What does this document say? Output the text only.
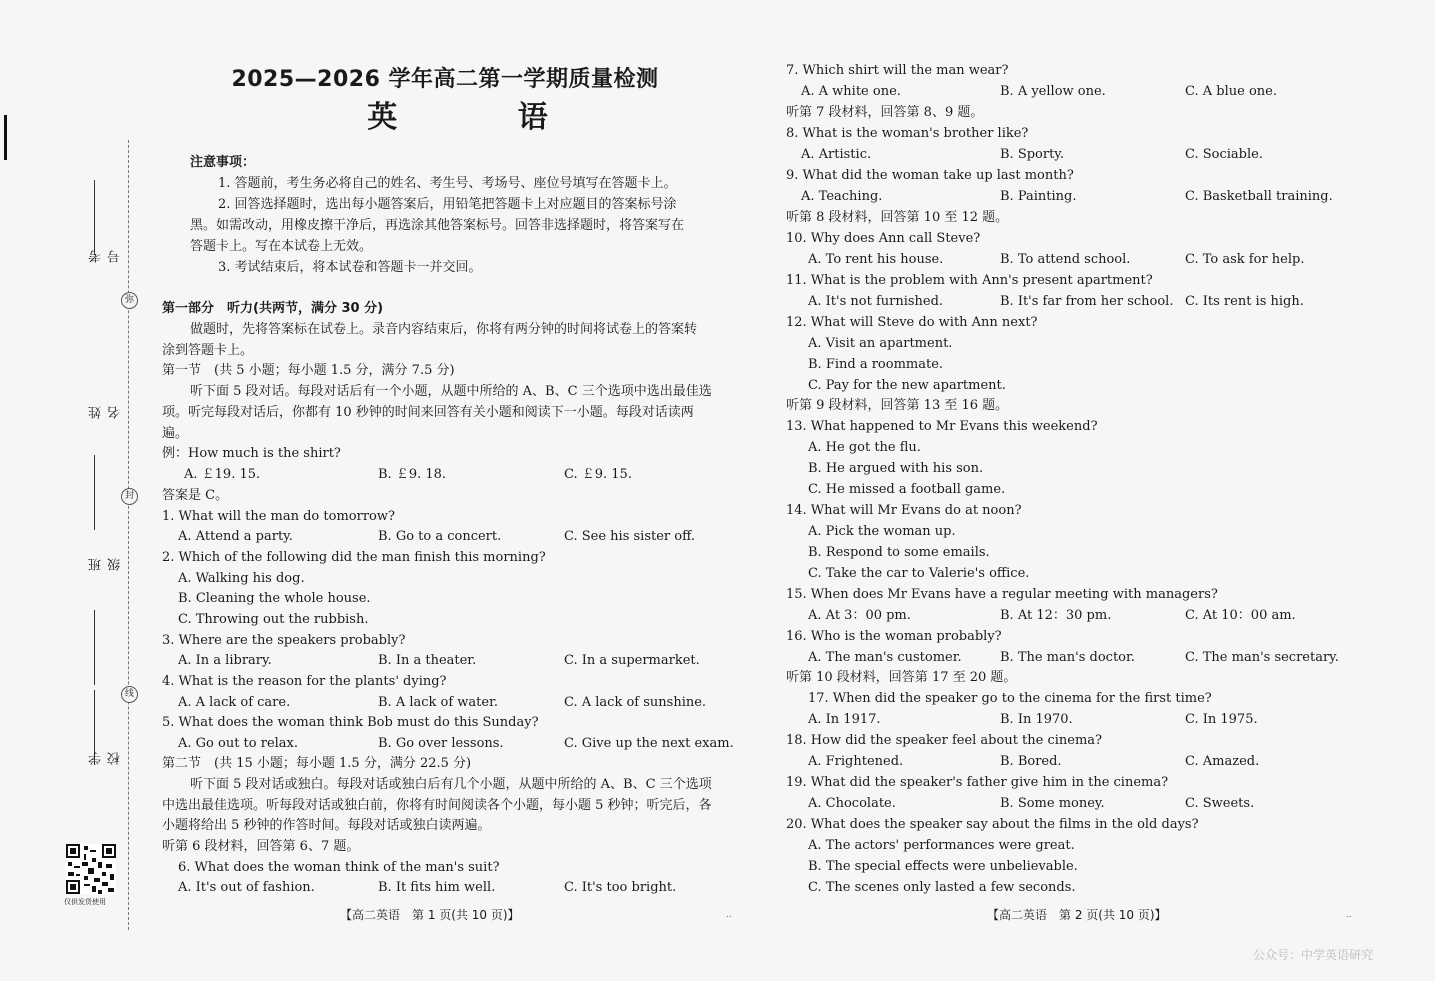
弥
封
线
考号
姓名
班级
学校
仅供发货使用
2025—2026 学年高二第一学期质量检测
英 语
注意事项：
1. 答题前，考生务必将自己的姓名、考生号、考场号、座位号填写在答题卡上。
2. 回答选择题时，选出每小题答案后，用铅笔把答题卡上对应题目的答案标号涂
黑。如需改动，用橡皮擦干净后，再选涂其他答案标号。回答非选择题时，将答案写在
答题卡上。写在本试卷上无效。
3. 考试结束后，将本试卷和答题卡一并交回。
第一部分　听力(共两节，满分 30 分)
做题时，先将答案标在试卷上。录音内容结束后，你将有两分钟的时间将试卷上的答案转
涂到答题卡上。
第一节　(共 5 小题；每小题 1.5 分，满分 7.5 分)
听下面 5 段对话。每段对话后有一个小题，从题中所给的 A、B、C 三个选项中选出最佳选
项。听完每段对话后，你都有 10 秒钟的时间来回答有关小题和阅读下一小题。每段对话读两
遍。
例：How much is the shirt?
A. ￡19. 15.	B. ￡9. 18.	C. ￡9. 15.
答案是 C。
1. What will the man do tomorrow?
A. Attend a party.	B. Go to a concert.	C. See his sister off.
2. Which of the following did the man finish this morning?
A. Walking his dog.
B. Cleaning the whole house.
C. Throwing out the rubbish.
3. Where are the speakers probably?
A. In a library.	B. In a theater.	C. In a supermarket.
4. What is the reason for the plants' dying?
A. A lack of care.	B. A lack of water.	C. A lack of sunshine.
5. What does the woman think Bob must do this Sunday?
A. Go out to relax.	B. Go over lessons.	C. Give up the next exam.
第二节　(共 15 小题；每小题 1.5 分，满分 22.5 分)
听下面 5 段对话或独白。每段对话或独白后有几个小题，从题中所给的 A、B、C 三个选项
中选出最佳选项。听每段对话或独白前，你将有时间阅读各个小题，每小题 5 秒钟；听完后，各
小题将给出 5 秒钟的作答时间。每段对话或独白读两遍。
听第 6 段材料，回答第 6、7 题。
6. What does the woman think of the man's suit?
A. It's out of fashion.	B. It fits him well.	C. It's too bright.
7. Which shirt will the man wear?
A. A white one.	B. A yellow one.	C. A blue one.
听第 7 段材料，回答第 8、9 题。
8. What is the woman's brother like?
A. Artistic.	B. Sporty.	C. Sociable.
9. What did the woman take up last month?
A. Teaching.	B. Painting.	C. Basketball training.
听第 8 段材料，回答第 10 至 12 题。
10. Why does Ann call Steve?
A. To rent his house.	B. To attend school.	C. To ask for help.
11. What is the problem with Ann's present apartment?
A. It's not furnished.	B. It's far from her school. C. Its rent is high.
12. What will Steve do with Ann next?
A. Visit an apartment.
B. Find a roommate.
C. Pay for the new apartment.
听第 9 段材料，回答第 13 至 16 题。
13. What happened to Mr Evans this weekend?
A. He got the flu.
B. He argued with his son.
C. He missed a football game.
14. What will Mr Evans do at noon?
A. Pick the woman up.
B. Respond to some emails.
C. Take the car to Valerie's office.
15. When does Mr Evans have a regular meeting with managers?
A. At 3：00 pm.	B. At 12：30 pm.	C. At 10：00 am.
16. Who is the woman probably?
A. The man's customer.	B. The man's doctor.	C. The man's secretary.
听第 10 段材料，回答第 17 至 20 题。
17. When did the speaker go to the cinema for the first time?
A. In 1917.	B. In 1970.	C. In 1975.
18. How did the speaker feel about the cinema?
A. Frightened.	B. Bored.	C. Amazed.
19. What did the speaker's father give him in the cinema?
A. Chocolate.	B. Some money.	C. Sweets.
20. What does the speaker say about the films in the old days?
A. The actors' performances were great.
B. The special effects were unbelievable.
C. The scenes only lasted a few seconds.
【高二英语　第 1 页(共 10 页)】	【高二英语　第 2 页(共 10 页)】
..	..
公众号：中学英语研究
